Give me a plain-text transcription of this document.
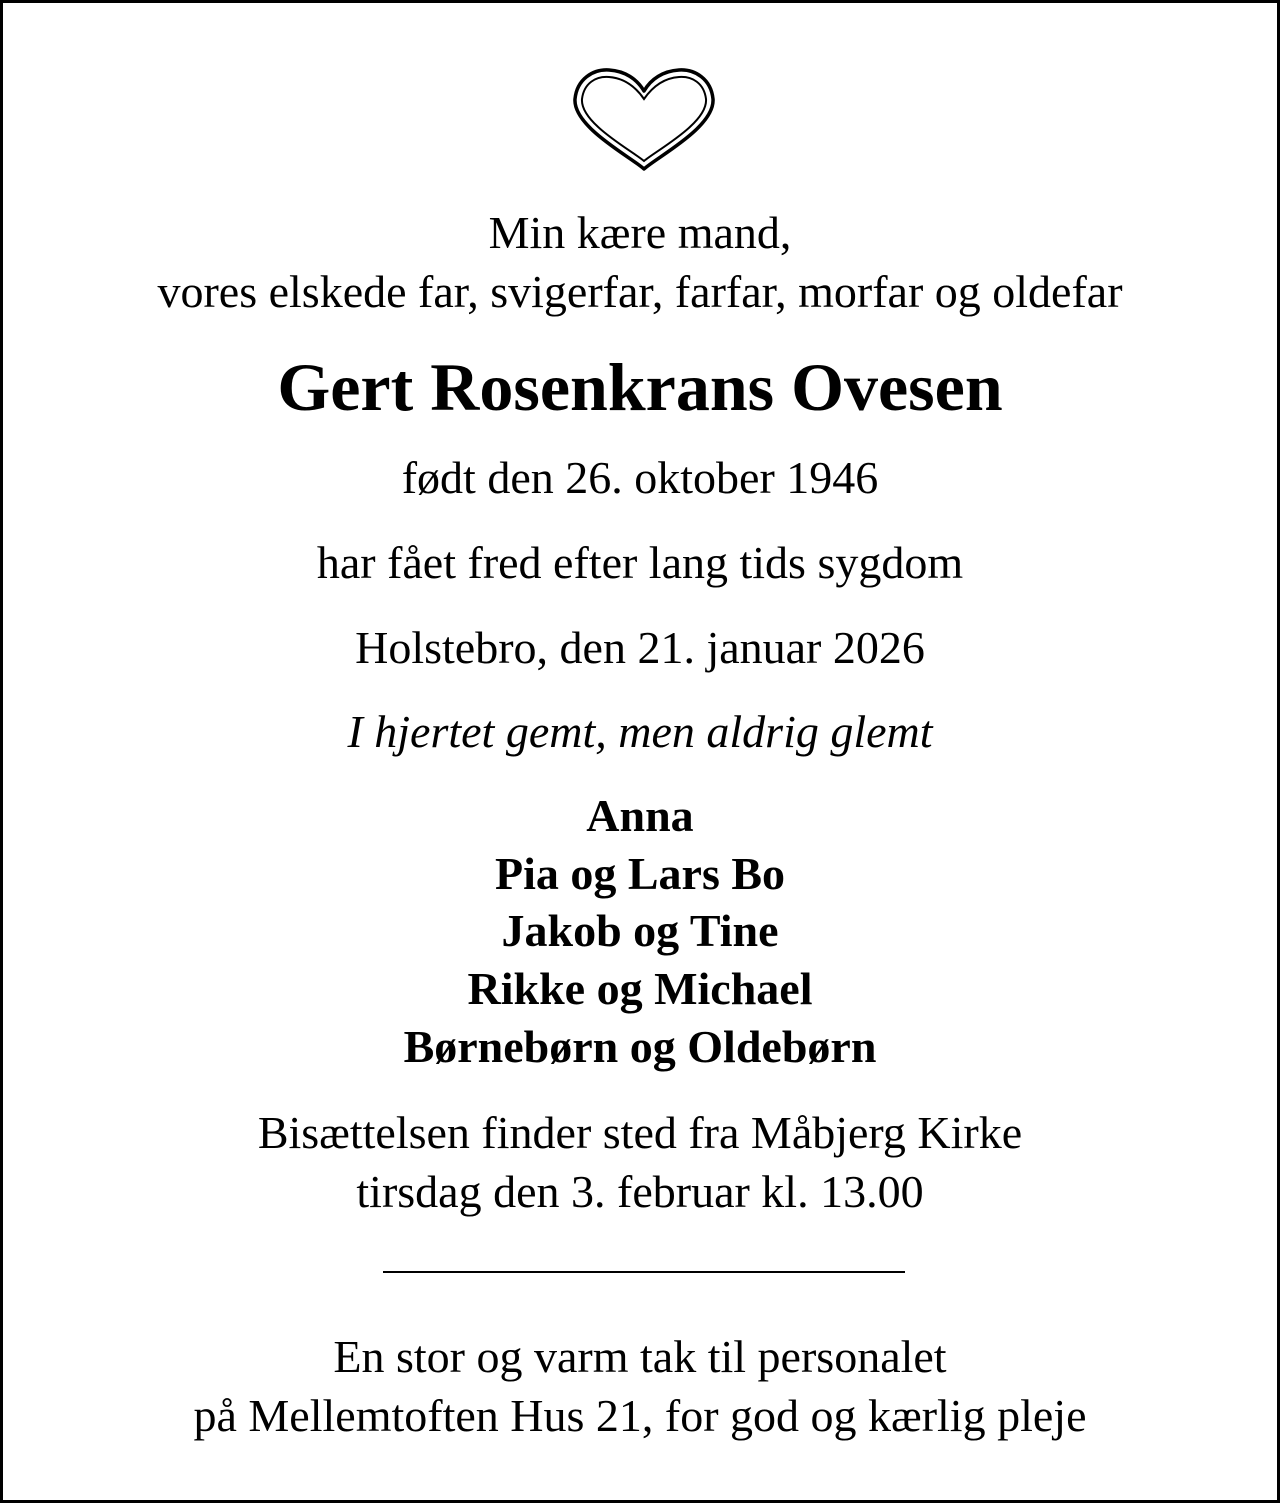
Min kære mand,
vores elskede far, svigerfar, farfar, morfar og oldefar
Gert Rosenkrans Ovesen
født den 26. oktober 1946
har fået fred efter lang tids sygdom
Holstebro, den 21. januar 2026
I hjertet gemt, men aldrig glemt
Anna
Pia og Lars Bo
Jakob og Tine
Rikke og Michael
Børnebørn og Oldebørn
Bisættelsen finder sted fra Måbjerg Kirke
tirsdag den 3. februar kl. 13.00
En stor og varm tak til personalet
på Mellemtoften Hus 21, for god og kærlig pleje
